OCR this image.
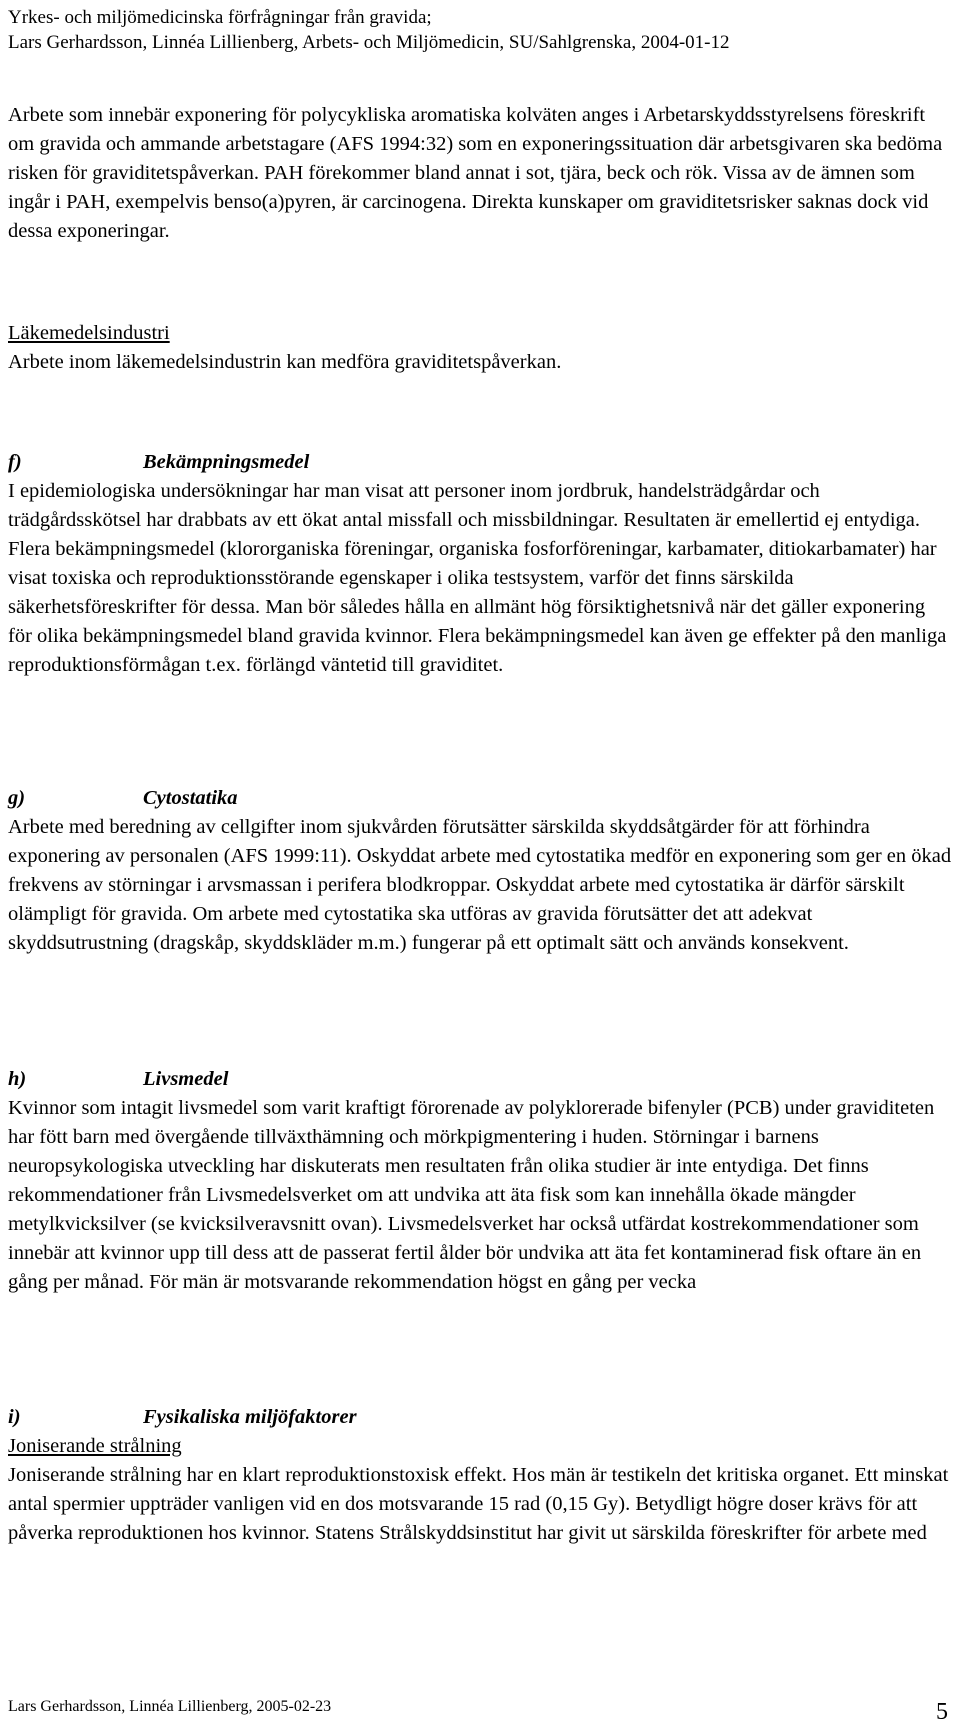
Yrkes- och miljömedicinska förfrågningar från gravida;
Lars Gerhardsson, Linnéa Lillienberg, Arbets- och Miljömedicin, SU/Sahlgrenska, 2004-01-12

Arbete som innebär exponering för polycykliska aromatiska kolväten anges i Arbetarskyddsstyrelsens föreskrift om gravida och ammande arbetstagare (AFS 1994:32) som en exponeringssituation där arbetsgivaren ska bedöma risken för graviditetspåverkan. PAH förekommer bland annat i sot, tjära, beck och rök. Vissa av de ämnen som ingår i PAH, exempelvis benso(a)pyren, är carcinogena. Direkta kunskaper om graviditetsrisker saknas dock vid dessa exponeringar.

Läkemedelsindustri

Arbete inom läkemedelsindustrin kan medföra graviditetspåverkan.

f)	Bekämpningsmedel

I epidemiologiska undersökningar har man visat att personer inom jordbruk, handelsträdgårdar och trädgårdsskötsel har drabbats av ett ökat antal missfall och missbildningar. Resultaten är emellertid ej entydiga. Flera bekämpningsmedel (klororganiska föreningar, organiska fosforföreningar, karbamater, ditiokarbamater) har visat toxiska och reproduktionsstörande egenskaper i olika testsystem, varför det finns särskilda säkerhetsföreskrifter för dessa. Man bör således hålla en allmänt hög försiktighetsnivå när det gäller exponering för olika bekämpningsmedel bland gravida kvinnor. Flera bekämpningsmedel kan även ge effekter på den manliga reproduktionsförmågan t.ex. förlängd väntetid till graviditet.

g)	Cytostatika

Arbete med beredning av cellgifter inom sjukvården förutsätter särskilda skyddsåtgärder för att förhindra exponering av personalen (AFS 1999:11). Oskyddat arbete med cytostatika medför en exponering som ger en ökad frekvens av störningar i arvsmassan i perifera blodkroppar. Oskyddat arbete med cytostatika är därför särskilt olämpligt för gravida. Om arbete med cytostatika ska utföras av gravida förutsätter det att adekvat skyddsutrustning (dragskåp, skyddskläder m.m.) fungerar på ett optimalt sätt och används konsekvent.

h)	Livsmedel

Kvinnor som intagit livsmedel som varit kraftigt förorenade av polyklorerade bifenyler (PCB) under graviditeten har fött barn med övergående tillväxthämning och mörkpigmentering i huden. Störningar i barnens neuropsykologiska utveckling har diskuterats men resultaten från olika studier är inte entydiga. Det finns rekommendationer från Livsmedelsverket om att undvika att äta fisk som kan innehålla ökade mängder metylkvicksilver (se kvicksilveravsnitt ovan). Livsmedelsverket har också utfärdat kostrekommendationer som innebär att kvinnor upp till dess att de passerat fertil ålder bör undvika att äta fet kontaminerad fisk oftare än en gång per månad. För män är motsvarande rekommendation högst en gång per vecka

i)	Fysikaliska miljöfaktorer
Joniserande strålning

Joniserande strålning har en klart reproduktionstoxisk effekt. Hos män är testikeln det kritiska organet. Ett minskat antal spermier uppträder vanligen vid en dos motsvarande 15 rad (0,15 Gy). Betydligt högre doser krävs för att påverka reproduktionen hos kvinnor. Statens Strålskyddsinstitut har givit ut särskilda föreskrifter för arbete med

Lars Gerhardsson, Linnéa Lillienberg, 2005-02-23	5
